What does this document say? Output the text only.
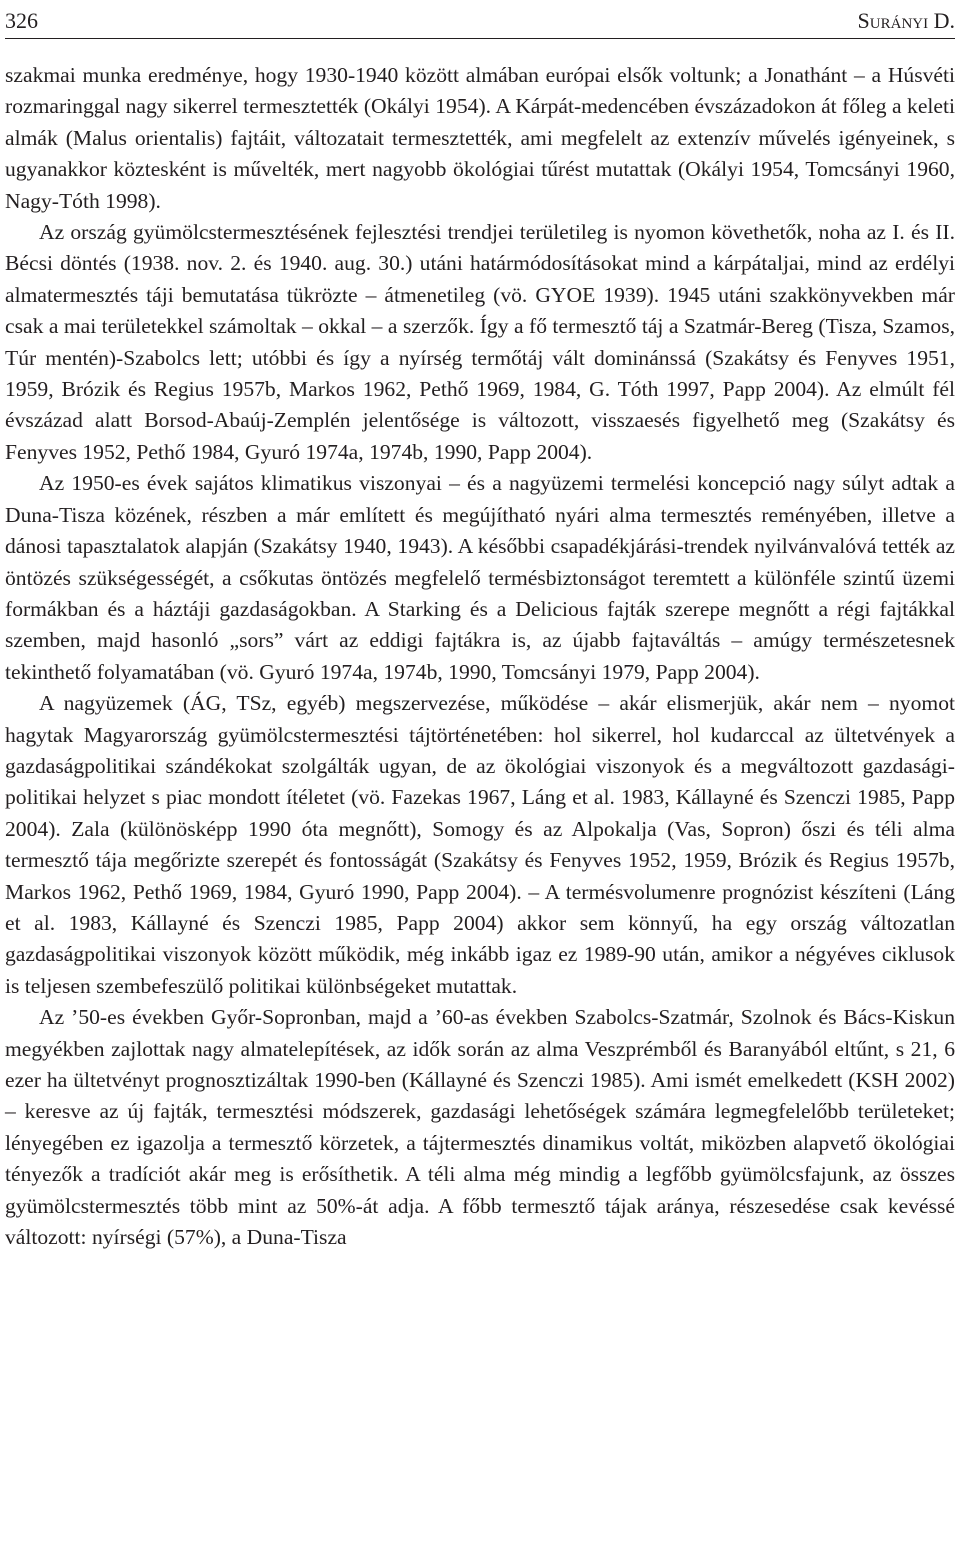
326	Surányi D.

szakmai munka eredménye, hogy 1930-1940 között almában európai elsők voltunk; a Jonathánt – a Húsvéti rozmaringgal nagy sikerrel termesztették (Okályi 1954). A Kárpát-medencében évszázadokon át főleg a keleti almák (Malus orientalis) fajtáit, változatait termesztették, ami megfelelt az extenzív művelés igényeinek, s ugyanakkor köztesként is művelték, mert nagyobb ökológiai tűrést mutattak (Okályi 1954, Tomcsányi 1960, Nagy-Tóth 1998).

Az ország gyümölcstermesztésének fejlesztési trendjei területileg is nyomon követhetők, noha az I. és II. Bécsi döntés (1938. nov. 2. és 1940. aug. 30.) utáni határmódosításokat mind a kárpátaljai, mind az erdélyi almatermesztés táji bemutatása tükrözte – átmenetileg (vö. GYOE 1939). 1945 utáni szakkönyvekben már csak a mai területekkel számoltak – okkal – a szerzők. Így a fő termesztő táj a Szatmár-Bereg (Tisza, Szamos, Túr mentén)-Szabolcs lett; utóbbi és így a nyírség termőtáj vált dominánssá (Szakátsy és Fenyves 1951, 1959, Brózik és Regius 1957b, Markos 1962, Pethő 1969, 1984, G. Tóth 1997, Papp 2004). Az elmúlt fél évszázad alatt Borsod-Abaúj-Zemplén jelentősége is változott, visszaesés figyelhető meg (Szakátsy és Fenyves 1952, Pethő 1984, Gyuró 1974a, 1974b, 1990, Papp 2004).

Az 1950-es évek sajátos klimatikus viszonyai – és a nagyüzemi termelési koncepció nagy súlyt adtak a Duna-Tisza közének, részben a már említett és megújítható nyári alma termesztés reményében, illetve a dánosi tapasztalatok alapján (Szakátsy 1940, 1943). A későbbi csapadékjárási-trendek nyilvánvalóvá tették az öntözés szükségességét, a csőkutas öntözés megfelelő termésbiztonságot teremtett a különféle szintű üzemi formákban és a háztáji gazdaságokban. A Starking és a Delicious fajták szerepe megnőtt a régi fajtákkal szemben, majd hasonló „sors” várt az eddigi fajtákra is, az újabb fajtaváltás – amúgy természetesnek tekinthető folyamatában (vö. Gyuró 1974a, 1974b, 1990, Tomcsányi 1979, Papp 2004).

A nagyüzemek (ÁG, TSz, egyéb) megszervezése, működése – akár elismerjük, akár nem – nyomot hagytak Magyarország gyümölcstermesztési tájtörténetében: hol sikerrel, hol kudarccal az ültetvények a gazdaságpolitikai szándékokat szolgálták ugyan, de az ökológiai viszonyok és a megváltozott gazdasági-politikai helyzet s piac mondott ítéletet (vö. Fazekas 1967, Láng et al. 1983, Kállayné és Szenczi 1985, Papp 2004). Zala (különösképp 1990 óta megnőtt), Somogy és az Alpokalja (Vas, Sopron) őszi és téli alma termesztő tája megőrizte szerepét és fontosságát (Szakátsy és Fenyves 1952, 1959, Brózik és Regius 1957b, Markos 1962, Pethő 1969, 1984, Gyuró 1990, Papp 2004). – A termésvolumenre prognózist készíteni (Láng et al. 1983, Kállayné és Szenczi 1985, Papp 2004) akkor sem könnyű, ha egy ország változatlan gazdaságpolitikai viszonyok között működik, még inkább igaz ez 1989-90 után, amikor a négyéves ciklusok is teljesen szembefeszülő politikai különbségeket mutattak.

Az ’50-es években Győr-Sopronban, majd a ’60-as években Szabolcs-Szatmár, Szolnok és Bács-Kiskun megyékben zajlottak nagy almatelepítések, az idők során az alma Veszprémből és Baranyából eltűnt, s 21, 6 ezer ha ültetvényt prognosztizáltak 1990-ben (Kállayné és Szenczi 1985). Ami ismét emelkedett (KSH 2002) – keresve az új fajták, termesztési módszerek, gazdasági lehetőségek számára legmegfelelőbb területeket; lényegében ez igazolja a termesztő körzetek, a tájtermesztés dinamikus voltát, miközben alapvető ökológiai tényezők a tradíciót akár meg is erősíthetik. A téli alma még mindig a legfőbb gyümölcsfajunk, az összes gyümölcstermesztés több mint az 50%-át adja. A főbb termesztő tájak aránya, részesedése csak kevéssé változott: nyírségi (57%), a Duna-Tisza
